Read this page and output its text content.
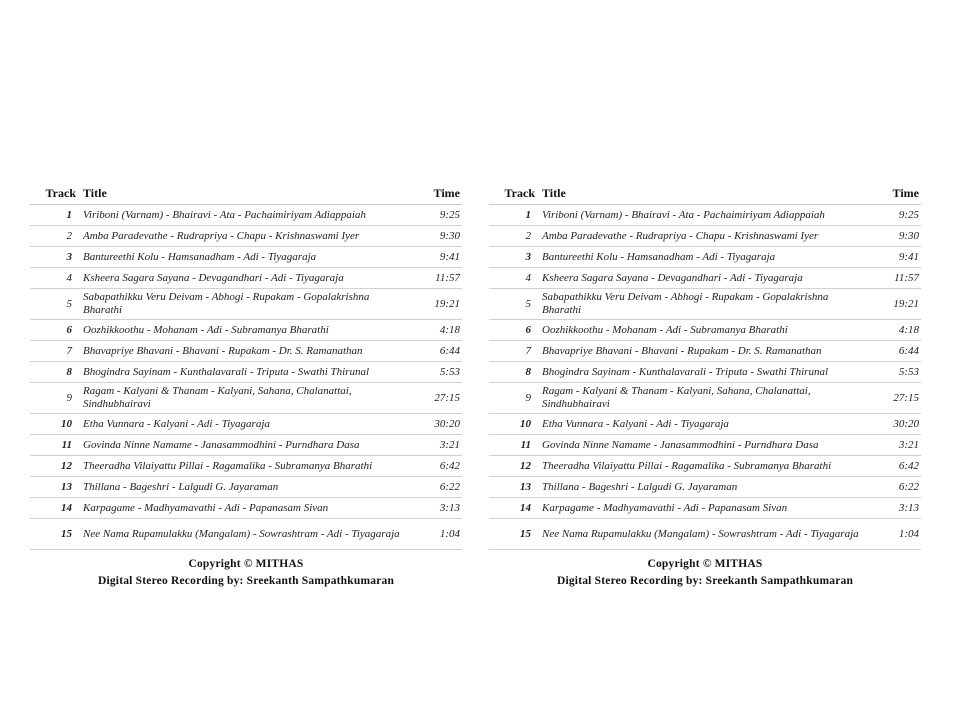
Track	Title	Time
1	Viriboni (Varnam) - Bhairavi - Ata - Pachaimiriyam Adiappaiah	9:25
2	Amba Paradevathe - Rudrapriya - Chapu - Krishnaswami Iyer	9:30
3	Bantureethi Kolu - Hamsanadham - Adi - Tiyagaraja	9:41
4	Ksheera Sagara Sayana - Devagandhari - Adi - Tiyagaraja	11:57
5	Sabapathikku Veru Deivam - Abhogi - Rupakam - Gopalakrishna Bharathi	19:21
6	Oozhikkoothu - Mohanam - Adi - Subramanya Bharathi	4:18
7	Bhavapriye Bhavani - Bhavani - Rupakam - Dr. S. Ramanathan	6:44
8	Bhogindra Sayinam - Kunthalavarali - Triputa - Swathi Thirunal	5:53
9	Ragam - Kalyani & Thanam - Kalyani, Sahana, Chalanattai, Sindhubhairavi	27:15
10	Etha Vunnara - Kalyani - Adi - Tiyagaraja	30:20
11	Govinda Ninne Namame - Janasammodhini - Purndhara Dasa	3:21
12	Theeradha Vilaiyattu Pillai - Ragamalika - Subramanya Bharathi	6:42
13	Thillana - Bageshri - Lalgudi G. Jayaraman	6:22
14	Karpagame - Madhyamavathi - Adi - Papanasam Sivan	3:13
15	Nee Nama Rupamulakku (Mangalam) - Sowrashtram - Adi - Tiyagaraja	1:04
Copyright © MITHAS
Digital Stereo Recording by: Sreekanth Sampathkumaran
Track	Title	Time
1	Viriboni (Varnam) - Bhairavi - Ata - Pachaimiriyam Adiappaiah	9:25
2	Amba Paradevathe - Rudrapriya - Chapu - Krishnaswami Iyer	9:30
3	Bantureethi Kolu - Hamsanadham - Adi - Tiyagaraja	9:41
4	Ksheera Sagara Sayana - Devagandhari - Adi - Tiyagaraja	11:57
5	Sabapathikku Veru Deivam - Abhogi - Rupakam - Gopalakrishna Bharathi	19:21
6	Oozhikkoothu - Mohanam - Adi - Subramanya Bharathi	4:18
7	Bhavapriye Bhavani - Bhavani - Rupakam - Dr. S. Ramanathan	6:44
8	Bhogindra Sayinam - Kunthalavarali - Triputa - Swathi Thirunal	5:53
9	Ragam - Kalyani & Thanam - Kalyani, Sahana, Chalanattai, Sindhubhairavi	27:15
10	Etha Vunnara - Kalyani - Adi - Tiyagaraja	30:20
11	Govinda Ninne Namame - Janasammodhini - Purndhara Dasa	3:21
12	Theeradha Vilaiyattu Pillai - Ragamalika - Subramanya Bharathi	6:42
13	Thillana - Bageshri - Lalgudi G. Jayaraman	6:22
14	Karpagame - Madhyamavathi - Adi - Papanasam Sivan	3:13
15	Nee Nama Rupamulakku (Mangalam) - Sowrashtram - Adi - Tiyagaraja	1:04
Copyright © MITHAS
Digital Stereo Recording by: Sreekanth Sampathkumaran
